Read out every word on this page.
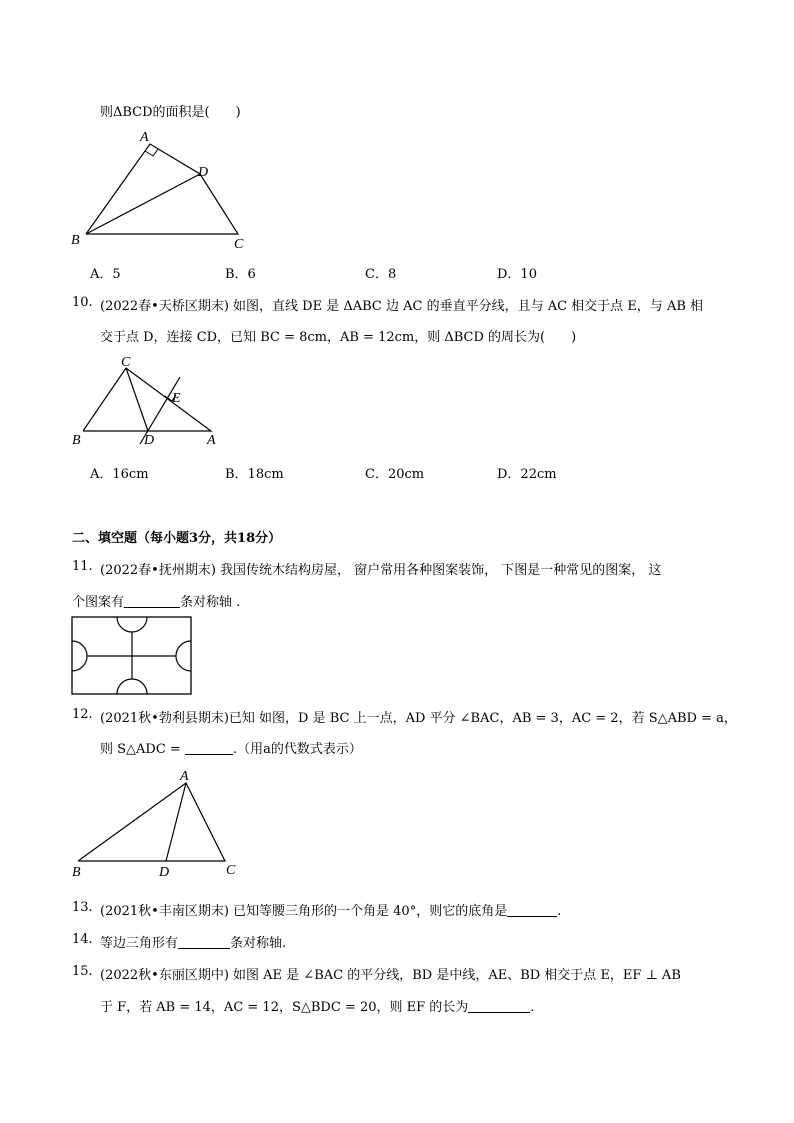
则ΔBCD的面积是(　　)
A
B	C
D
A．5	B．6	C．8	D．10
10. (2022春•天桥区期末) 如图，直线 DE 是 ΔABC 边 AC 的垂直平分线，且与 AC 相交于点 E，与 AB 相
交于点 D，连接 CD，已知 BC = 8cm，AB = 12cm，则 ΔBCD 的周长为(　　)
C
E
B	D	A
A．16cm	B．18cm	C．20cm	D．22cm
二、填空题（每小题3分，共18分）
11. (2022春•抚州期末) 我国传统木结构房屋， 窗户常用各种图案装饰， 下图是一种常见的图案， 这
个图案有	条对称轴 .
12. (2021秋•勃利县期末)已知 如图，D 是 BC 上一点，AD 平分 ∠BAC，AB = 3，AC = 2，若 S△ABD = a，
则 S△ADC =	.（用a的代数式表示）
A
B	D	C
13. (2021秋•丰南区期末) 已知等腰三角形的一个角是 40°，则它的底角是	.
14. 等边三角形有	条对称轴.
15. (2022秋•东丽区期中) 如图 AE 是 ∠BAC 的平分线，BD 是中线，AE、BD 相交于点 E，EF ⊥ AB
于 F，若 AB = 14，AC = 12，S△BDC = 20，则 EF 的长为	.
